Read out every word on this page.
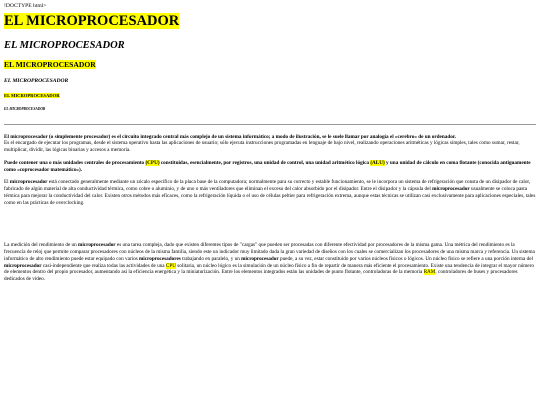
!DOCTYPE html>
EL MICROPROCESADOR
EL MICROPROCESADOR
EL MICROPROCESADOR
EL MICROPROCESADOR
EL MICROPROCESADOR
EL MICROPROCESADOR

El microprocesador (o simplemente procesador) es el circuito integrado central más complejo de un sistema informático; a modo de ilustración, se le suele llamar por analogía el «cerebro» de un ordenador.
Es el encargado de ejecutar los programas, desde el sistema operativo hasta las aplicaciones de usuario; sólo ejecuta instrucciones programadas en lenguaje de bajo nivel, realizando operaciones aritméticas y lógicas simples, tales como sumar, restar, multiplicar, dividir, las lógicas binarias y accesos a memoria.

Puede contener una o más unidades centrales de procesamiento (CPU) constituidas, esencialmente, por registros, una unidad de control, una unidad aritmético lógica (ALU) y una unidad de cálculo en coma flotante (conocida antiguamente como «coprocesador matemático»).

El microprocesador está conectado generalmente mediante un zócalo específico de la placa base de la computadora; normalmente para su correcto y estable funcionamiento, se le incorpora un sistema de refrigeración que consta de un disipador de calor, fabricado de algún material de alta conductividad térmica, como cobre o aluminio, y de uno o más ventiladores que eliminan el exceso del calor absorbido por el disipador. Entre el disipador y la cápsula del microprocesador usualmente se coloca pasta térmica para mejorar la conductividad del calor. Existen otros métodos más eficaces, como la refrigeración líquida o el uso de células peltier para refrigeración extrema, aunque estas técnicas se utilizan casi exclusivamente para aplicaciones especiales, tales como en las prácticas de overclocking.

La medición del rendimiento de un microprocesador es una tarea compleja, dado que existen diferentes tipos de "cargas" que pueden ser procesadas con diferente efectividad por procesadores de la misma gama. Una métrica del rendimiento es la frecuencia de reloj que permite comparar procesadores con núcleos de la misma familia, siendo este un indicador muy limitado dada la gran variedad de diseños con los cuales se comercializan los procesadores de una misma marca y referencia. Un sistema informático de alto rendimiento puede estar equipado con varios microprocesadores trabajando en paralelo, y un microprocesador puede, a su vez, estar constituido por varios núcleos físicos o lógicos. Un núcleo físico se refiere a una porción interna del microprocesador casi-independiente que realiza todas las actividades de una CPU solitaria, un núcleo lógico es la simulación de un núcleo físico a fin de repartir de manera más eficiente el procesamiento. Existe una tendencia de integrar el mayor número de elementos dentro del propio procesador, aumentando así la eficiencia energética y la miniaturización. Entre los elementos integrados están las unidades de punto flotante, controladoras de la memoria RAM, controladores de buses y procesadores dedicados de vídeo.
